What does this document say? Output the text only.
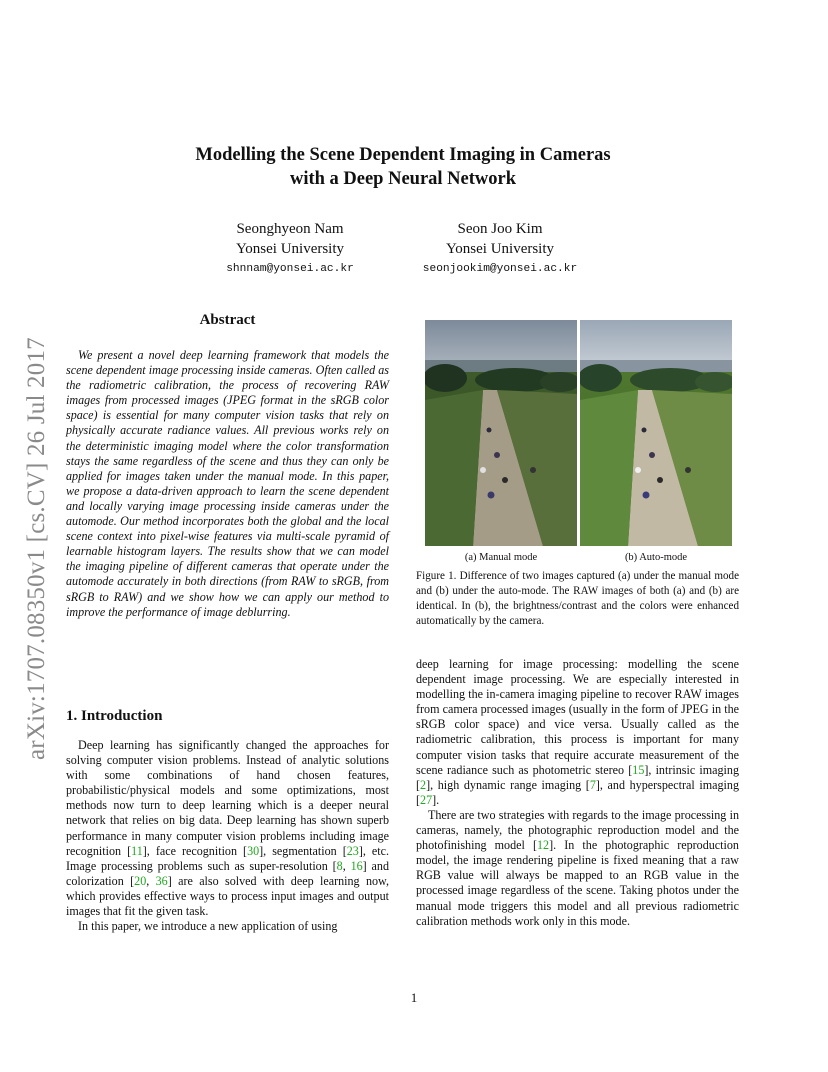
Modelling the Scene Dependent Imaging in Cameras
with a Deep Neural Network
Seonghyeon Nam
Yonsei University
shnnam@yonsei.ac.kr
Seon Joo Kim
Yonsei University
seonjookim@yonsei.ac.kr
arXiv:1707.08350v1 [cs.CV] 26 Jul 2017
Abstract

We present a novel deep learning framework that models the scene dependent image processing inside cameras. Often called as the radiometric calibration, the process of recovering RAW images from processed images (JPEG format in the sRGB color space) is essential for many computer vision tasks that rely on physically accurate radiance values. All previous works rely on the deterministic imaging model where the color transformation stays the same regardless of the scene and thus they can only be applied for images taken under the manual mode. In this paper, we propose a data-driven approach to learn the scene dependent and locally varying image processing inside cameras under the automode. Our method incorporates both the global and the local scene context into pixel-wise features via multi-scale pyramid of learnable histogram layers. The results show that we can model the imaging pipeline of different cameras that operate under the automode accurately in both directions (from RAW to sRGB, from sRGB to RAW) and we show how we can apply our method to improve the performance of image deblurring.

1. Introduction

Deep learning has significantly changed the approaches for solving computer vision problems. Instead of analytic solutions with some combinations of hand chosen features, probabilistic/physical models and some optimizations, most methods now turn to deep learning which is a deeper neural network that relies on big data. Deep learning has shown superb performance in many computer vision problems including image recognition [11], face recognition [30], segmentation [23], etc. Image processing problems such as super-resolution [8, 16] and colorization [20, 36] are also solved with deep learning now, which provides effective ways to process input images and output images that fit the given task.

In this paper, we introduce a new application of using

(a) Manual mode	(b) Auto-mode
Figure 1. Difference of two images captured (a) under the manual mode and (b) under the auto-mode. The RAW images of both (a) and (b) are identical. In (b), the brightness/contrast and the colors were enhanced automatically by the camera.

deep learning for image processing: modelling the scene dependent image processing. We are especially interested in modelling the in-camera imaging pipeline to recover RAW images from camera processed images (usually in the form of JPEG in the sRGB color space) and vice versa. Usually called as the radiometric calibration, this process is important for many computer vision tasks that require accurate measurement of the scene radiance such as photometric stereo [15], intrinsic imaging [2], high dynamic range imaging [7], and hyperspectral imaging [27].

There are two strategies with regards to the image processing in cameras, namely, the photographic reproduction model and the photofinishing model [12]. In the photographic reproduction model, the image rendering pipeline is fixed meaning that a raw RGB value will always be mapped to an RGB value in the processed image regardless of the scene. Taking photos under the manual mode triggers this model and all previous radiometric calibration methods work only in this mode.

1
